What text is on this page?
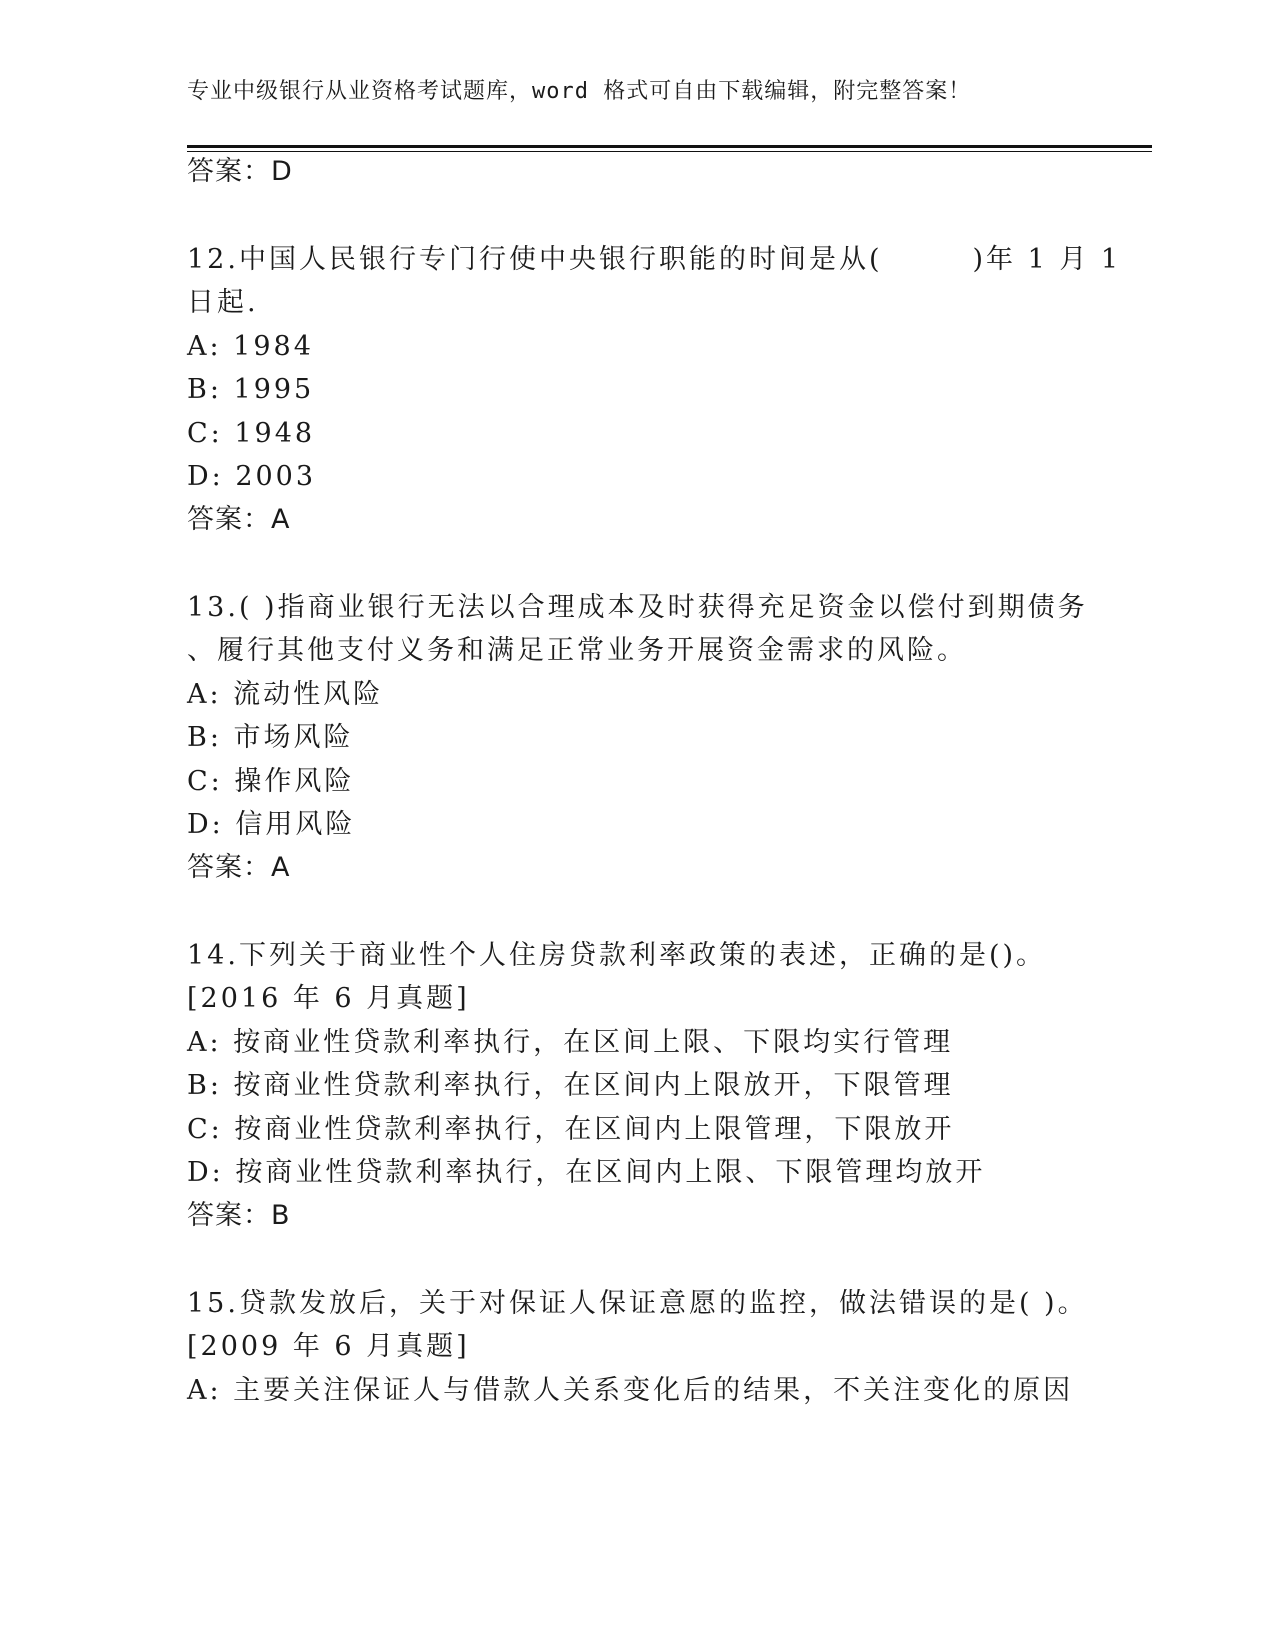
专业中级银行从业资格考试题库，word 格式可自由下载编辑，附完整答案！
答案：D
12.中国人民银行专门行使中央银行职能的时间是从(　　　)年 1 月 1
日起.
A: 1984
B: 1995
C: 1948
D: 2003
答案：A
13.( )指商业银行无法以合理成本及时获得充足资金以偿付到期债务
、履行其他支付义务和满足正常业务开展资金需求的风险。
A: 流动性风险
B: 市场风险
C: 操作风险
D: 信用风险
答案：A
14.下列关于商业性个人住房贷款利率政策的表述，正确的是()。
[2016 年 6 月真题]
A: 按商业性贷款利率执行，在区间上限、下限均实行管理
B: 按商业性贷款利率执行，在区间内上限放开，下限管理
C: 按商业性贷款利率执行，在区间内上限管理，下限放开
D: 按商业性贷款利率执行，在区间内上限、下限管理均放开
答案：B
15.贷款发放后，关于对保证人保证意愿的监控，做法错误的是( )。
[2009 年 6 月真题]
A: 主要关注保证人与借款人关系变化后的结果，不关注变化的原因
